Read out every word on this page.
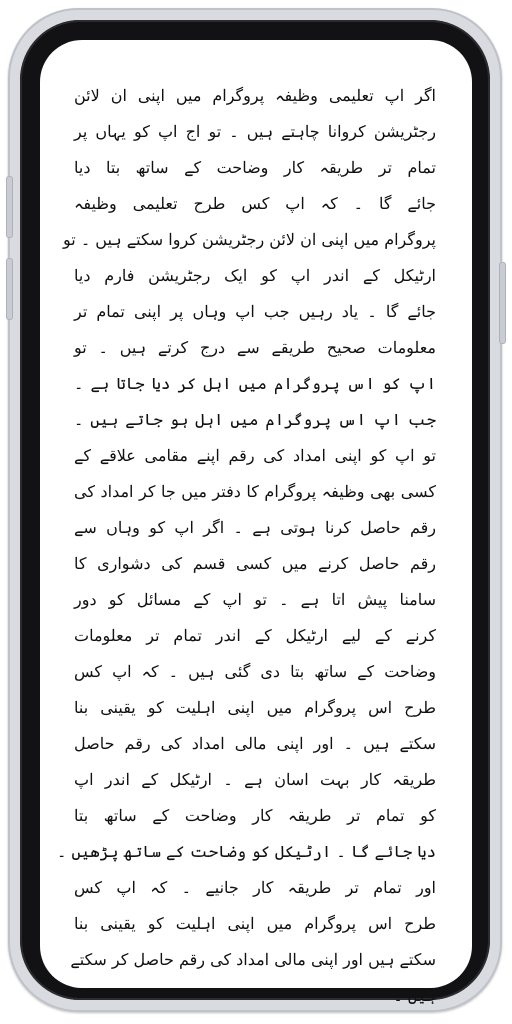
اگر اپ تعلیمی وظیفہ پروگرام میں اپنی ان لائن
رجٹریشن کروانا چاہتے ہیں ۔ تو اج اپ کو یہاں پر
تمام تر طریقہ کار وضاحت کے ساتھ بتا دیا
جائے گا ۔ کہ اپ کس طرح تعلیمی وظیفہ
پروگرام میں اپنی ان لائن رجٹریشن کروا سکتے ہیں ۔ تو
ارٹیکل کے اندر اپ کو ایک رجٹریشن فارم دیا
جائے گا ۔ یاد رہیں جب اپ وہاں پر اپنی تمام تر
معلومات صحیح طریقے سے درج کرتے ہیں ۔ تو
اپ کو اس پروگرام میں اہل کر دیا جاتا ہے ۔
جب اپ اس پروگرام میں اہل ہو جاتے ہیں ۔
تو اپ کو اپنی امداد کی رقم اپنے مقامی علاقے کے
کسی بھی وظیفہ پروگرام کا دفتر میں جا کر امداد کی
رقم حاصل کرنا ہوتی ہے ۔ اگر اپ کو وہاں سے
رقم حاصل کرنے میں کسی قسم کی دشواری کا
سامنا پیش اتا ہے ۔ تو اپ کے مسائل کو دور
کرنے کے لیے ارٹیکل کے اندر تمام تر معلومات
وضاحت کے ساتھ بتا دی گئی ہیں ۔ کہ اپ کس
طرح اس پروگرام میں اپنی اہلیت کو یقینی بنا
سکتے ہیں ۔ اور اپنی مالی امداد کی رقم حاصل
طریقہ کار بہت اسان ہے ۔ ارٹیکل کے اندر اپ
کو تمام تر طریقہ کار وضاحت کے ساتھ بتا
دیا جائے گا ۔ ارٹیکل کو وضاحت کے ساتھ پڑھیں ۔
اور تمام تر طریقہ کار جانیے ۔ کہ اپ کس
طرح اس پروگرام میں اپنی اہلیت کو یقینی بنا
سکتے ہیں اور اپنی مالی امداد کی رقم حاصل کر سکتے
ہیں ۔
